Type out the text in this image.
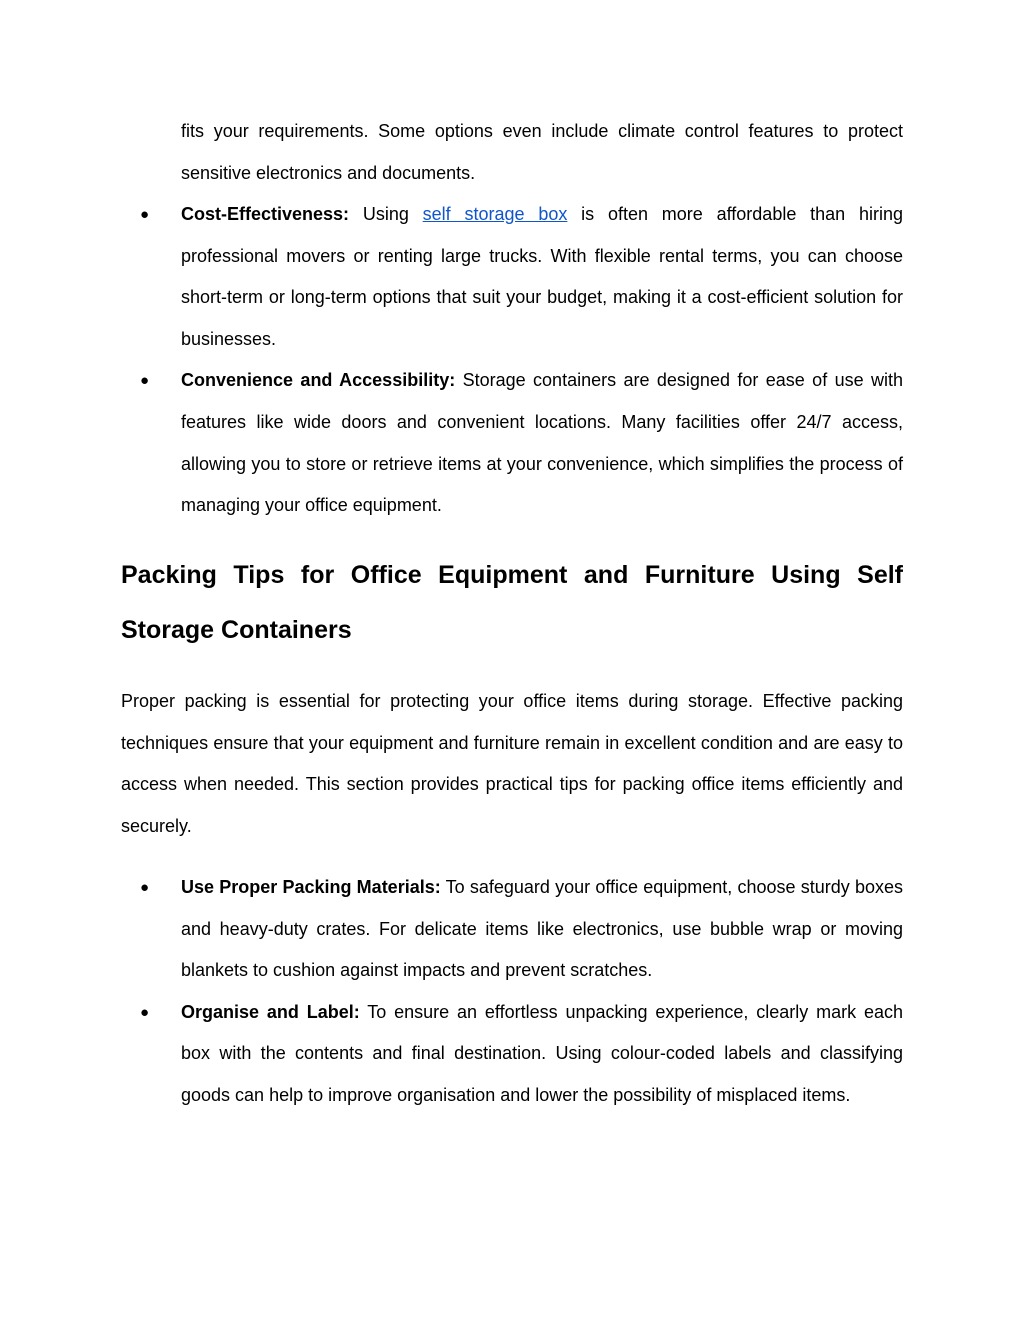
fits your requirements. Some options even include climate control features to protect sensitive electronics and documents.

● Cost-Effectiveness: Using self storage box is often more affordable than hiring professional movers or renting large trucks. With flexible rental terms, you can choose short-term or long-term options that suit your budget, making it a cost-efficient solution for businesses.
● Convenience and Accessibility: Storage containers are designed for ease of use with features like wide doors and convenient locations. Many facilities offer 24/7 access, allowing you to store or retrieve items at your convenience, which simplifies the process of managing your office equipment.
Packing Tips for Office Equipment and Furniture Using Self Storage Containers

Proper packing is essential for protecting your office items during storage. Effective packing techniques ensure that your equipment and furniture remain in excellent condition and are easy to access when needed. This section provides practical tips for packing office items efficiently and securely.

● Use Proper Packing Materials: To safeguard your office equipment, choose sturdy boxes and heavy-duty crates. For delicate items like electronics, use bubble wrap or moving blankets to cushion against impacts and prevent scratches.
● Organise and Label: To ensure an effortless unpacking experience, clearly mark each box with the contents and final destination. Using colour-coded labels and classifying goods can help to improve organisation and lower the possibility of misplaced items.
